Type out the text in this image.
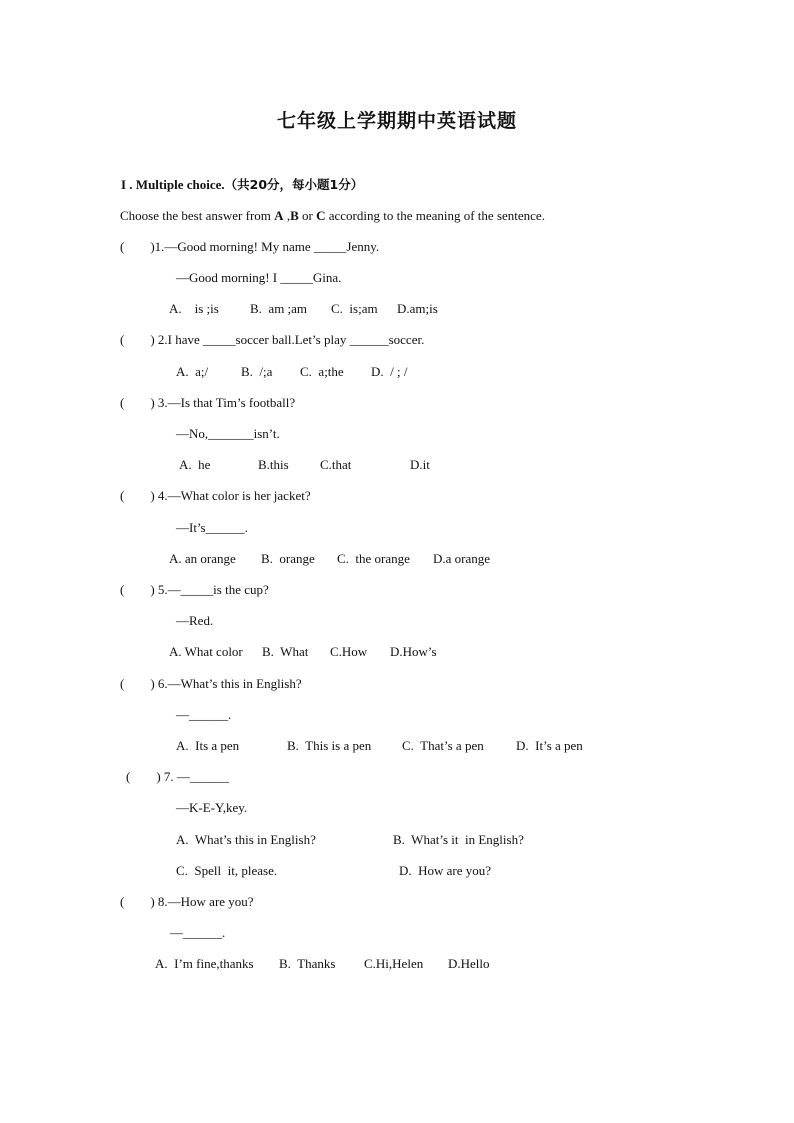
七年级上学期期中英语试题
I . Multiple choice.（共20分，每小题1分）
Choose the best answer from A ,B or C according to the meaning of the sentence.
(        )1.—Good morning! My name _____Jenny.
—Good morning! I _____Gina.
A.    is ;is B.  am ;am C.  is;am D.am;is
(        ) 2.I have _____soccer ball.Let’s play ______soccer.
A.  a;/	B.  /;a C.  a;the D.  / ; /
(        ) 3.—Is that Tim’s football?
—No,_______isn’t.
A.  he	B.this C.that	D.it
(        ) 4.—What color is her jacket?
—It’s______.
A. an orange B.  orange C.  the orange D.a orange
(        ) 5.—_____is the cup?
—Red.
A. What color B.  What C.How D.How’s
(        ) 6.—What’s this in English?
—______.
A.  Its a pen	B.  This is a pen C.  That’s a pen D.  It’s a pen
(        ) 7. —______
—K-E-Y,key.
A.  What’s this in English?	B.  What’s it  in English?
C.  Spell  it, please.	D.  How are you?
(        ) 8.—How are you?
—______.
A.  I’m fine,thanks B.  Thanks C.Hi,Helen D.Hello
